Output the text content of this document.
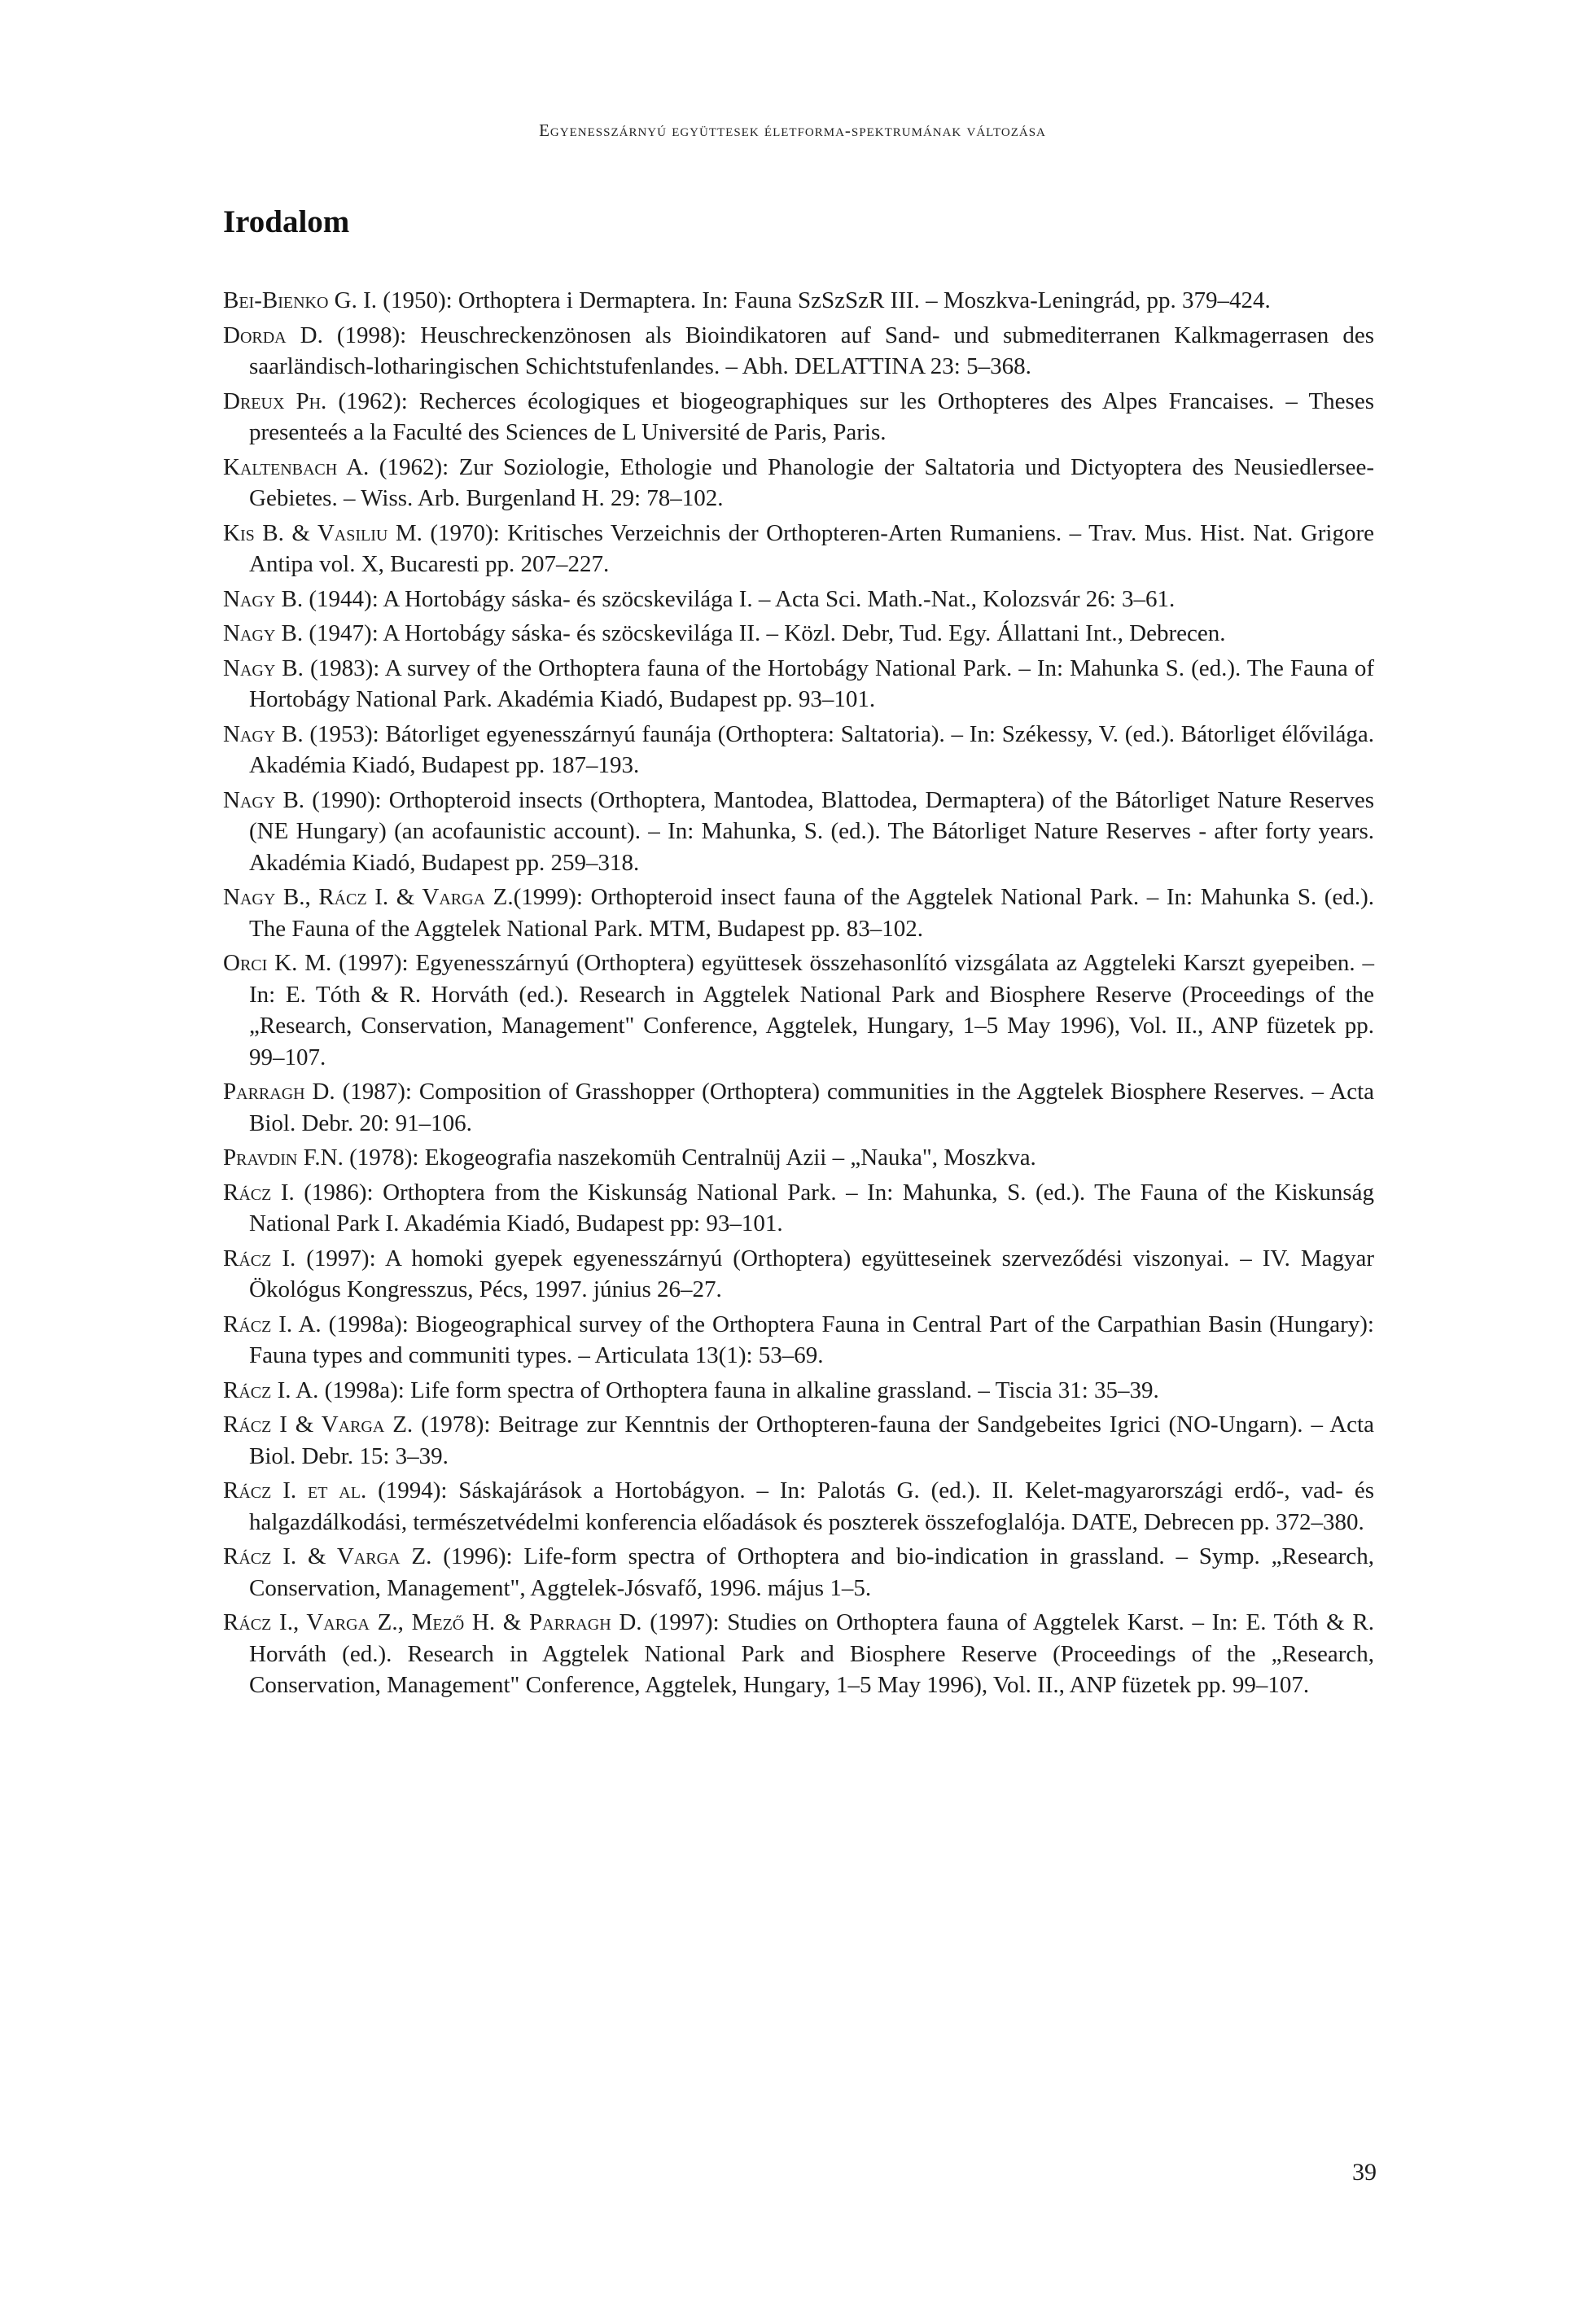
Egyenesszárnyú együttesek életforma-spektrumának változása
Irodalom
Bei-Bienko G. I. (1950): Orthoptera i Dermaptera. In: Fauna SzSzSzR III. – Moszkva-Leningrád, pp. 379–424.
Dorda D. (1998): Heuschreckenzönosen als Bioindikatoren auf Sand- und submediterranen Kalkmagerrasen des saarländisch-lotharingischen Schichtstufenlandes. – Abh. DELATTINA 23: 5–368.
Dreux Ph. (1962): Recherces écologiques et biogeographiques sur les Orthopteres des Alpes Francaises. – Theses presenteés a la Faculté des Sciences de L Université de Paris, Paris.
Kaltenbach A. (1962): Zur Soziologie, Ethologie und Phanologie der Saltatoria und Dictyoptera des Neusiedlersee-Gebietes. – Wiss. Arb. Burgenland H. 29: 78–102.
Kis B. & Vasiliu M. (1970): Kritisches Verzeichnis der Orthopteren-Arten Rumaniens. – Trav. Mus. Hist. Nat. Grigore Antipa vol. X, Bucaresti pp. 207–227.
Nagy B. (1944): A Hortobágy sáska- és szöcskevilága I. – Acta Sci. Math.-Nat., Kolozsvár 26: 3–61.
Nagy B. (1947): A Hortobágy sáska- és szöcskevilága II. – Közl. Debr, Tud. Egy. Állattani Int., Debrecen.
Nagy B. (1983): A survey of the Orthoptera fauna of the Hortobágy National Park. – In: Mahunka S. (ed.). The Fauna of Hortobágy National Park. Akadémia Kiadó, Budapest pp. 93–101.
Nagy B. (1953): Bátorliget egyenesszárnyú faunája (Orthoptera: Saltatoria). – In: Székessy, V. (ed.). Bátorliget élővilága. Akadémia Kiadó, Budapest pp. 187–193.
Nagy B. (1990): Orthopteroid insects (Orthoptera, Mantodea, Blattodea, Dermaptera) of the Bátorliget Nature Reserves (NE Hungary) (an acofaunistic account). – In: Mahunka, S. (ed.). The Bátorliget Nature Reserves - after forty years. Akadémia Kiadó, Budapest pp. 259–318.
Nagy B., Rácz I. & Varga Z.(1999): Orthopteroid insect fauna of the Aggtelek National Park. – In: Mahunka S. (ed.). The Fauna of the Aggtelek National Park. MTM, Budapest pp. 83–102.
Orci K. M. (1997): Egyenesszárnyú (Orthoptera) együttesek összehasonlító vizsgálata az Aggteleki Karszt gyepeiben. – In: E. Tóth & R. Horváth (ed.). Research in Aggtelek National Park and Biosphere Reserve (Proceedings of the „Research, Conservation, Management" Conference, Aggtelek, Hungary, 1–5 May 1996), Vol. II., ANP füzetek pp. 99–107.
Parragh D. (1987): Composition of Grasshopper (Orthoptera) communities in the Aggtelek Biosphere Reserves. – Acta Biol. Debr. 20: 91–106.
Pravdin F.N. (1978): Ekogeografia naszekomüh Centralnüj Azii – „Nauka", Moszkva.
Rácz I. (1986): Orthoptera from the Kiskunság National Park. – In: Mahunka, S. (ed.). The Fauna of the Kiskunság National Park I. Akadémia Kiadó, Budapest pp: 93–101.
Rácz I. (1997): A homoki gyepek egyenesszárnyú (Orthoptera) együtteseinek szerveződési viszonyai. – IV. Magyar Ökológus Kongresszus, Pécs, 1997. június 26–27.
Rácz I. A. (1998a): Biogeographical survey of the Orthoptera Fauna in Central Part of the Carpathian Basin (Hungary): Fauna types and communiti types. – Articulata 13(1): 53–69.
Rácz I. A. (1998a): Life form spectra of Orthoptera fauna in alkaline grassland. – Tiscia 31: 35–39.
Rácz I & Varga Z. (1978): Beitrage zur Kenntnis der Orthopteren-fauna der Sandgebeites Igrici (NO-Ungarn). – Acta Biol. Debr. 15: 3–39.
Rácz I. et al. (1994): Sáskajárások a Hortobágyon. – In: Palotás G. (ed.). II. Kelet-magyarországi erdő-, vad- és halgazdálkodási, természetvédelmi konferencia előadások és poszterek összefoglalója. DATE, Debrecen pp. 372–380.
Rácz I. & Varga Z. (1996): Life-form spectra of Orthoptera and bio-indication in grassland. – Symp. „Research, Conservation, Management", Aggtelek-Jósvafő, 1996. május 1–5.
Rácz I., Varga Z., Mező H. & Parragh D. (1997): Studies on Orthoptera fauna of Aggtelek Karst. – In: E. Tóth & R. Horváth (ed.). Research in Aggtelek National Park and Biosphere Reserve (Proceedings of the „Research, Conservation, Management" Conference, Aggtelek, Hungary, 1–5 May 1996), Vol. II., ANP füzetek pp. 99–107.
39
